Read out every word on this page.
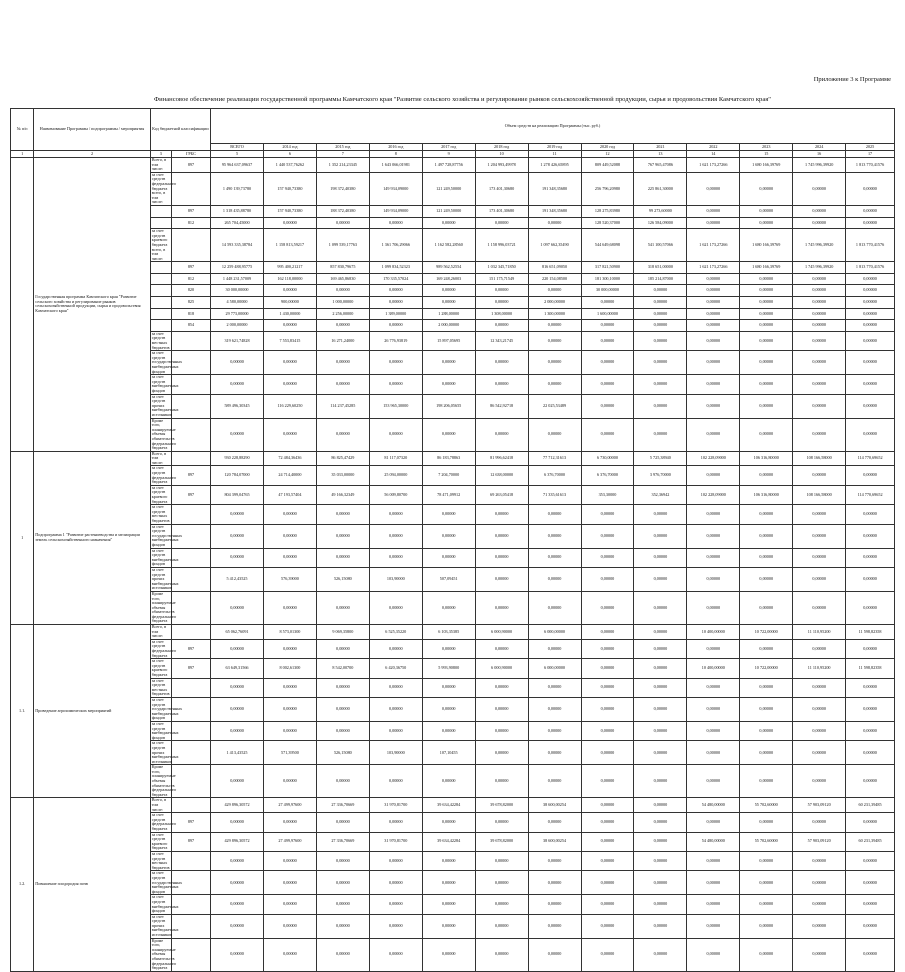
Приложение 3 к Программе
Финансовое обеспечение реализации государственной программы Камчатского края "Развитие сельского хозяйства и регулирование рынков сельскохозяйственной продукции, сырья и продовольствия Камчатского края"
№ п/п	Наименование Программы / подпрограммы / мероприятия	Код бюджетной классификации		Объем средств на реализацию Программы (тыс. руб.)												
				ВСЕГО	2014 год	2015 год	2016 год	2017 год	2018 год	2019 год	2020 год	2021	2022	2023	2024	2025
1	2	3	ГРБС	5	6	7	8	9	10	11	12	13	14	15	16	17
	Государственная программа Камчатского края "Развитие сельского хозяйства и регулирование рынков сельскохозяйственной продукции, сырья и продовольствия Камчатского края"	Всего, в том числе:	897	95 964 637,09637	1 440 537,76262	1 352 214,23345	1 643 066,01981	1 497 728,87756	1 204 993,49978	1 278 426,65895	809 449,52088	767 965,47086	1 621 173,27266	1 680 166,39769	1 745 996,39920	1 813 770,41576
		за счет средств федерального бюджета всего, в том числе:		1 490 139,73780	157 940,73380	198 372,40380	149 934,09000	121 249,50000	173 401,30680	191 348,35680	256 796,20980	225 861,30000	0,00000	0,00000	0,00000	0,00000
			897	1 318 435,88780	157 940,73380	188 372,40380	149 934,09000	121 249,50000	173 401,30680	191 348,35680	128 275,83980	99 273,60000	0,00000	0,00000	0,00000	0,00000
			812	265 704,45000	0,00000	0,00000	0,00000	0,00000	0,00000	0,00000	128 520,37000	126 584,09000	0,00000	0,00000	0,00000	0,00000
		за счет средств краевого бюджета всего, в том числе:		14 593 335,38784	1 158 813,59217	1 099 539,17763	1 361 706,29066	1 162 582,28560	1 158 996,03721	1 097 662,35490	544 649,68098	541 100,57066	1 621 173,27266	1 680 166,39769	1 745 996,39920	1 813 770,41576
			897	12 259 488,95775	995 400,21217	857 830,79675	1 099 834,52323	989 562,52554	1 032 345,71850	816 651,09050	317 821,50900	318 651,00000	1 621 173,27266	1 680 166,39769	1 745 996,39920	1 813 770,41576
			812	1 448 231,57009	162 118,00000	169 465,86830	170 335,57024	169 248,26003	151 175,71549	220 154,08500	181 300,10000	185 214,87000	0,00000	0,00000	0,00000	0,00000
			820	30 000,00000	0,00000	0,00000	0,00000	0,00000	0,00000	0,00000	30 000,00000	0,00000	0,00000	0,00000	0,00000	0,00000
			825	4 580,00000	900,00000	1 000,00000	0,00000	0,00000	0,00000	2 000,00000	0,00000	0,00000	0,00000	0,00000	0,00000	0,00000
			818	29 773,00000	1 430,00000	2 256,00000	1 389,00000	1 288,00000	1 308,00000	1 300,00000	1 600,00000	0,00000	0,00000	0,00000	0,00000	0,00000
			854	2 000,00000	0,00000	0,00000	0,00000	2 000,00000	0,00000	0,00000	0,00000	0,00000	0,00000	0,00000	0,00000	0,00000
		за счет средств местных бюджетов		319 621,74828	7 553,83415	16 271,24000	26 776,93819	15 897,05695	12 343,21745	0,00000	0,00000	0,00000	0,00000	0,00000	0,00000	0,00000
		за счет средств государственных внебюджетных фондов		0,00000	0,00000	0,00000	0,00000	0,00000	0,00000	0,00000	0,00000	0,00000	0,00000	0,00000	0,00000	0,00000
		за счет средств внебюджетных фондов		0,00000	0,00000	0,00000	0,00000	0,00000	0,00000	0,00000	0,00000	0,00000	0,00000	0,00000	0,00000	0,00000
		за счет средств прочих внебюджетных источников		589 496,30345	116 229,60250	114 237,45285	153 965,30000	198 206,05655	86 542,92718	22 025,53489	0,00000	0,00000	0,00000	0,00000	0,00000	0,00000
		Кроме того, планируемые объемы обязательств федерального бюджета		0,00000	0,00000	0,00000	0,00000	0,00000	0,00000	0,00000	0,00000	0,00000	0,00000	0,00000	0,00000	0,00000
1	Подпрограмма 1 "Развитие растениеводства и мелиорации земель сельскохозяйственного назначения"	Всего, в том числе:		930 228,88290	72 484,36436	86 825,47429	81 117,07320	86 183,78863	81 996,62418	77 712,31613	6 730,00000	5 725,38940	102 228,09000	106 316,80000	108 166,58000	114 770,69652
		за счет средств федерального бюджета	897	120 784,07000	24 714,40000	35 033,00000	25 094,00000	7 204,70000	12 638,00000	6 376,70000	6 376,70000	3 976,70000	0,00000	0,00000	0,00000	0,00000
		за счет средств краевого бюджета	897	804 399,04765	47 193,57404	49 166,32349	56 009,80700	78 471,09912	69 263,05418	71 335,61613	353,30000	352,36942	102 228,09000	106 316,80000	108 166,58000	114 770,69652
		за счет средств местных бюджетов		0,00000	0,00000	0,00000	0,00000	0,00000	0,00000	0,00000	0,00000	0,00000	0,00000	0,00000	0,00000	0,00000
		за счет средств государственных внебюджетных фондов		0,00000	0,00000	0,00000	0,00000	0,00000	0,00000	0,00000	0,00000	0,00000	0,00000	0,00000	0,00000	0,00000
		за счет средств внебюджетных фондов		0,00000	0,00000	0,00000	0,00000	0,00000	0,00000	0,00000	0,00000	0,00000	0,00000	0,00000	0,00000	0,00000
		за счет средств прочих внебюджетных источников		5 412,43525	576,39000	526,15080	103,90000	507,09451	0,00000	0,00000	0,00000	0,00000	0,00000	0,00000	0,00000	0,00000
		Кроме того, планируемые объемы обязательств федерального бюджета		0,00000	0,00000	0,00000	0,00000	0,00000	0,00000	0,00000	0,00000	0,00000	0,00000	0,00000	0,00000	0,00000
1.1.	Проведение агрохимических мероприятий	Всего, в том числе:		65 062,76091	8 573,01300	9 069,35800	6 525,35220	6 103,35385	6 000,90000	6 000,00000	0,00000	0,00000	10 400,00000	10 722,00000	11 110,95200	11 598,82358
		за счет средств федерального бюджета	897	0,00000	0,00000	0,00000	0,00000	0,00000	0,00000	0,00000	0,00000	0,00000	0,00000	0,00000	0,00000	0,00000
		за счет средств краевого бюджета	897	63 649,31566	8 002,61300	8 542,00700	6 420,36750	5 993,90800	6 000,90000	6 000,00000	0,00000	0,00000	10 400,00000	10 722,00000	11 110,95200	11 598,82358
		за счет средств местных бюджетов		0,00000	0,00000	0,00000	0,00000	0,00000	0,00000	0,00000	0,00000	0,00000	0,00000	0,00000	0,00000	0,00000
		за счет средств государственных внебюджетных фондов		0,00000	0,00000	0,00000	0,00000	0,00000	0,00000	0,00000	0,00000	0,00000	0,00000	0,00000	0,00000	0,00000
		за счет средств внебюджетных фондов		0,00000	0,00000	0,00000	0,00000	0,00000	0,00000	0,00000	0,00000	0,00000	0,00000	0,00000	0,00000	0,00000
		за счет средств прочих внебюджетных источников		1 413,43525	571,39500	526,15080	103,90000	107,10455	0,00000	0,00000	0,00000	0,00000	0,00000	0,00000	0,00000	0,00000
		Кроме того, планируемые объемы обязательств федерального бюджета		0,00000	0,00000	0,00000	0,00000	0,00000	0,00000	0,00000	0,00000	0,00000	0,00000	0,00000	0,00000	0,00000
1.2.	Повышение плодородия почв	Всего, в том числе:		429 896,30572	27 499,97600	27 336,70669	31 970,81700	39 634,42284	39 678,82000	38 600,00254	0,00000	0,00000	54 480,00000	55 702,60000	57 903,09120	60 231,39485
		за счет средств федерального бюджета	897	0,00000	0,00000	0,00000	0,00000	0,00000	0,00000	0,00000	0,00000	0,00000	0,00000	0,00000	0,00000	0,00000
		за счет средств краевого бюджета	897	429 896,30572	27 499,97600	27 336,70669	31 970,81700	39 634,42284	39 678,82000	38 600,00254	0,00000	0,00000	54 480,00000	55 702,60000	57 903,09120	60 231,39485
		за счет средств местных бюджетов		0,00000	0,00000	0,00000	0,00000	0,00000	0,00000	0,00000	0,00000	0,00000	0,00000	0,00000	0,00000	0,00000
		за счет средств государственных внебюджетных фондов		0,00000	0,00000	0,00000	0,00000	0,00000	0,00000	0,00000	0,00000	0,00000	0,00000	0,00000	0,00000	0,00000
		за счет средств внебюджетных фондов		0,00000	0,00000	0,00000	0,00000	0,00000	0,00000	0,00000	0,00000	0,00000	0,00000	0,00000	0,00000	0,00000
		за счет средств прочих внебюджетных источников		0,00000	0,00000	0,00000	0,00000	0,00000	0,00000	0,00000	0,00000	0,00000	0,00000	0,00000	0,00000	0,00000
		Кроме того, планируемые объемы обязательств федерального бюджета		0,00000	0,00000	0,00000	0,00000	0,00000	0,00000	0,00000	0,00000	0,00000	0,00000	0,00000	0,00000	0,00000
